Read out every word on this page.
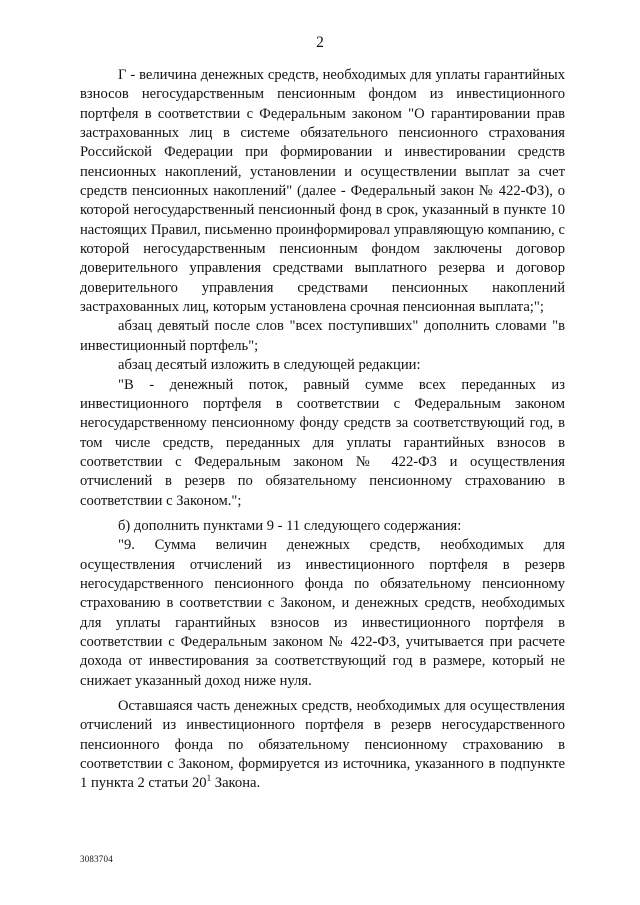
2

Г - величина денежных средств, необходимых для уплаты гарантийных взносов негосударственным пенсионным фондом из инвестиционного портфеля в соответствии с Федеральным законом "О гарантировании прав застрахованных лиц в системе обязательного пенсионного страхования Российской Федерации при формировании и инвестировании средств пенсионных накоплений, установлении и осуществлении выплат за счет средств пенсионных накоплений" (далее - Федеральный закон № 422-ФЗ), о которой негосударственный пенсионный фонд в срок, указанный в пункте 10 настоящих Правил, письменно проинформировал управляющую компанию, с которой негосударственным пенсионным фондом заключены договор доверительного управления средствами выплатного резерва и договор доверительного управления средствами пенсионных накоплений застрахованных лиц, которым установлена срочная пенсионная выплата;";

абзац девятый после слов "всех поступивших" дополнить словами "в инвестиционный портфель";

абзац десятый изложить в следующей редакции:

"В - денежный поток, равный сумме всех переданных из инвестиционного портфеля в соответствии с Федеральным законом негосударственному пенсионному фонду средств за соответствующий год, в том числе средств, переданных для уплаты гарантийных взносов в соответствии с Федеральным законом № 422-ФЗ и осуществления отчислений в резерв по обязательному пенсионному страхованию в соответствии с Законом.";

б) дополнить пунктами 9 - 11 следующего содержания:

"9. Сумма величин денежных средств, необходимых для осуществления отчислений из инвестиционного портфеля в резерв негосударственного пенсионного фонда по обязательному пенсионному страхованию в соответствии с Законом, и денежных средств, необходимых для уплаты гарантийных взносов из инвестиционного портфеля в соответствии с Федеральным законом № 422-ФЗ, учитывается при расчете дохода от инвестирования за соответствующий год в размере, который не снижает указанный доход ниже нуля.

Оставшаяся часть денежных средств, необходимых для осуществления отчислений из инвестиционного портфеля в резерв негосударственного пенсионного фонда по обязательному пенсионному страхованию в соответствии с Законом, формируется из источника, указанного в подпункте 1 пункта 2 статьи $20^1$ Закона.

3083704
